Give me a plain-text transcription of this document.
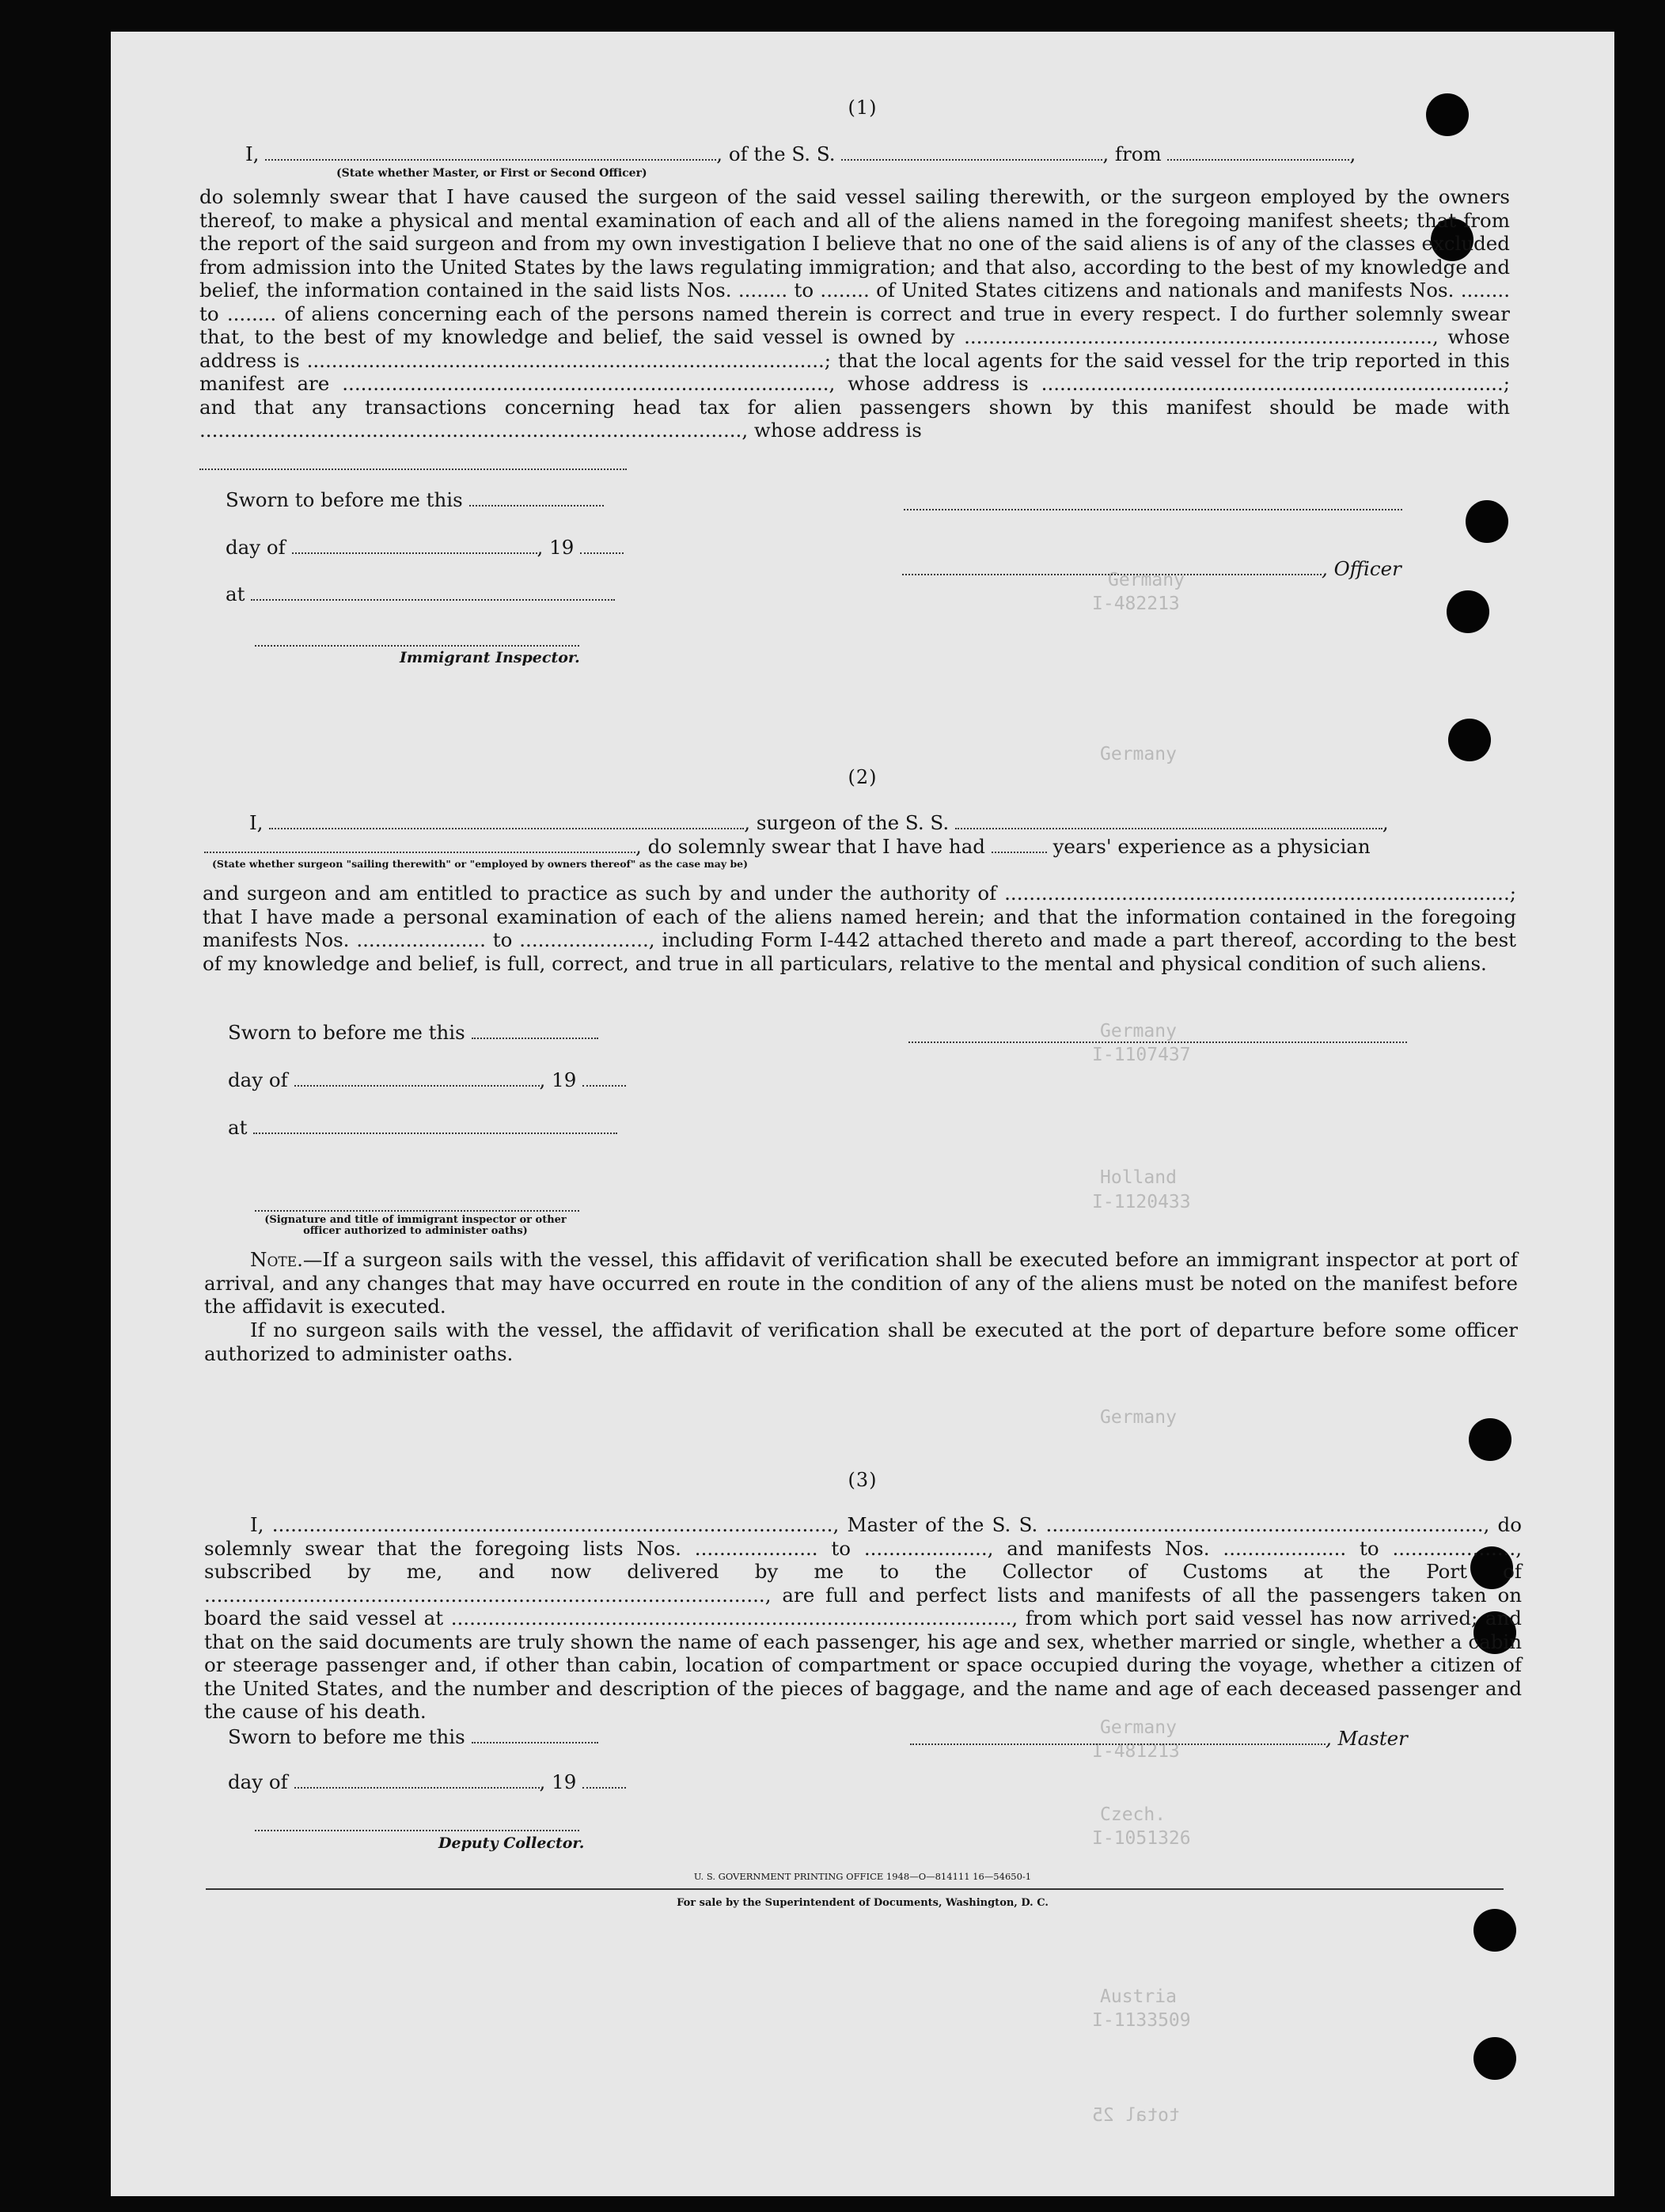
Germany
I-482213
Germany
Germany
I-1107437
Holland
I-1120433
Germany
Germany
I-481213
Czech.
I-1051326
Austria
I-1133509
total 25
(1)
I,	, of the S. S.	, from	,
(State whether Master, or First or Second Officer)
do solemnly swear that I have caused the surgeon of the said vessel sailing therewith, or the surgeon employed by the owners thereof, to make a physical and mental examination of each and all of the aliens named in the foregoing manifest sheets; that from the report of the said surgeon and from my own investigation I believe that no one of the said aliens is of any of the classes excluded from admission into the United States by the laws regulating immigration; and that also, according to the best of my knowledge and belief, the information contained in the said lists Nos. ........ to ........ of United States citizens and nationals and manifests Nos. ........ to ........ of aliens concerning each of the persons named therein is correct and true in every respect. I do further solemnly swear that, to the best of my knowledge and belief, the said vessel is owned by ............................................................................, whose address is ....................................................................................; that the local agents for the said vessel for the trip reported in this manifest are ..............................................................................., whose address is ...........................................................................; and that any transactions concerning head tax for alien passengers shown by this manifest should be made with ........................................................................................, whose address is
Sworn to before me this
day of	, 19
, Officer
at
Immigrant Inspector.
(2)
I,	, surgeon of the S. S.	,
, do solemnly swear that I have had	years' experience as a physician
(State whether surgeon "sailing therewith" or "employed by owners thereof" as the case may be)
and surgeon and am entitled to practice as such by and under the authority of ..................................................................................; that I have made a personal examination of each of the aliens named herein; and that the information contained in the foregoing manifests Nos. ..................... to ....................., including Form I-442 attached thereto and made a part thereof, according to the best of my knowledge and belief, is full, correct, and true in all particulars, relative to the mental and physical condition of such aliens.
Sworn to before me this
day of	, 19
at
(Signature and title of immigrant inspector or other officer authorized to administer oaths)
Note.—If a surgeon sails with the vessel, this affidavit of verification shall be executed before an immigrant inspector at port of arrival, and any changes that may have occurred en route in the condition of any of the aliens must be noted on the manifest before the affidavit is executed.
If no surgeon sails with the vessel, the affidavit of verification shall be executed at the port of departure before some officer authorized to administer oaths.
(3)
I, ..........................................................................................., Master of the S. S. ......................................................................., do solemnly swear that the foregoing lists Nos. .................... to ...................., and manifests Nos. .................... to ...................., subscribed by me, and now delivered by me to the Collector of Customs at the Port of ..........................................................................................., are full and perfect lists and manifests of all the passengers taken on board the said vessel at ..........................................................................................., from which port said vessel has now arrived; and that on the said documents are truly shown the name of each passenger, his age and sex, whether married or single, whether a cabin or steerage passenger and, if other than cabin, location of compartment or space occupied during the voyage, whether a citizen of the United States, and the number and description of the pieces of baggage, and the name and age of each deceased passenger and the cause of his death.
Sworn to before me this	, Master
day of	, 19
Deputy Collector.
U. S. GOVERNMENT PRINTING OFFICE 1948—O—814111 16—54650-1
For sale by the Superintendent of Documents, Washington, D. C.
